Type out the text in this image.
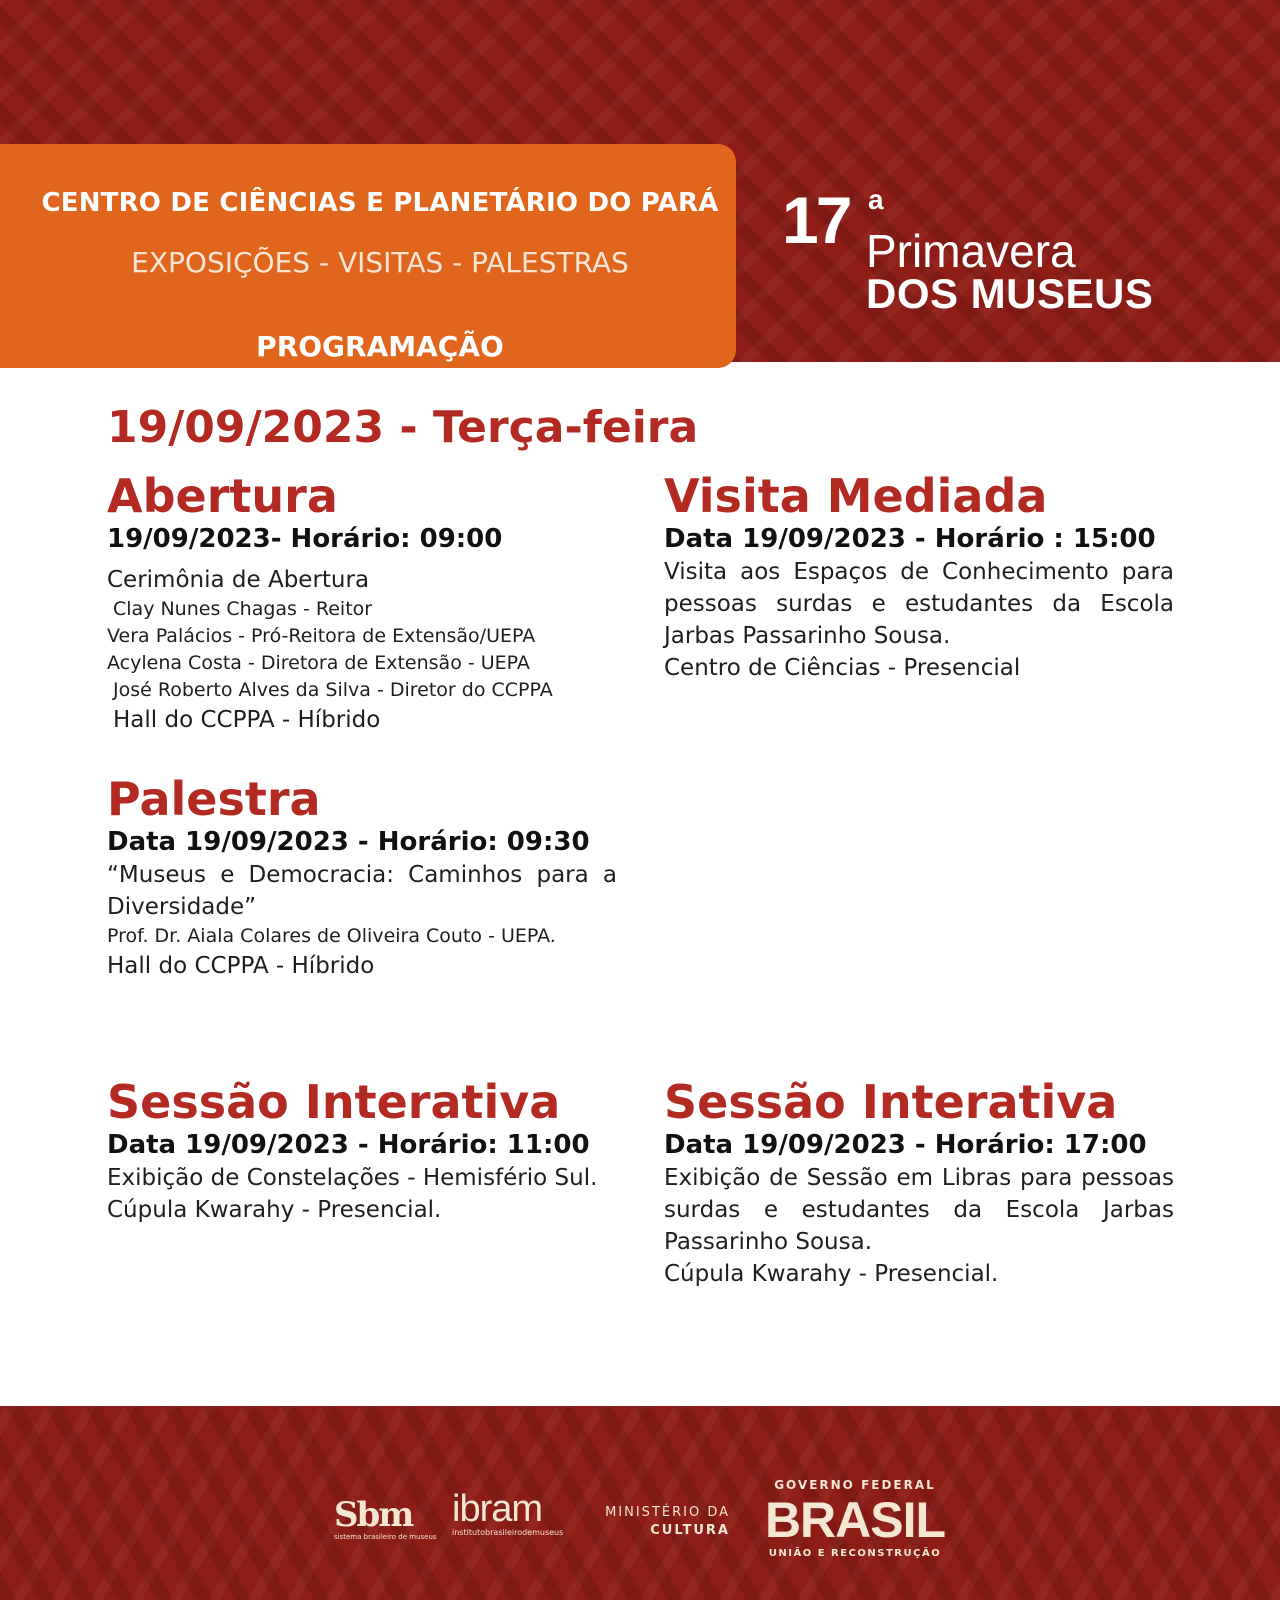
CENTRO DE CIÊNCIAS E PLANETÁRIO DO PARÁ
EXPOSIÇÕES - VISITAS - PALESTRAS
PROGRAMAÇÃO
17 a
Primavera
DOS MUSEUS
19/09/2023 - Terça-feira
Abertura
19/09/2023- Horário: 09:00
Cerimônia de Abertura
Clay Nunes Chagas - Reitor
Vera Palácios - Pró-Reitora de Extensão/UEPA
Acylena Costa - Diretora de Extensão - UEPA
José Roberto Alves da Silva - Diretor do CCPPA
Hall do CCPPA - Híbrido
Visita Mediada
Data 19/09/2023 - Horário : 15:00
Visita aos Espaços de Conhecimento para pessoas surdas e estudantes da Escola Jarbas Passarinho Sousa.
Centro de Ciências - Presencial
Palestra
Data 19/09/2023 - Horário: 09:30
“Museus e Democracia: Caminhos para a Diversidade”
Prof. Dr. Aiala Colares de Oliveira Couto - UEPA.
Hall do CCPPA - Híbrido
Sessão Interativa
Data 19/09/2023 - Horário: 11:00
Exibição de Constelações - Hemisfério Sul.
Cúpula Kwarahy - Presencial.
Sessão Interativa
Data 19/09/2023 - Horário: 17:00
Exibição de Sessão em Libras para pessoas surdas e estudantes da Escola Jarbas Passarinho Sousa.
Cúpula Kwarahy - Presencial.
Sbm
sistema brasileiro de museus
ibram
institutobrasileirodemuseus
MINISTÉRIO DA
CULTURA
GOVERNO FEDERAL
BRASIL
UNIÃO E RECONSTRUÇÃO
